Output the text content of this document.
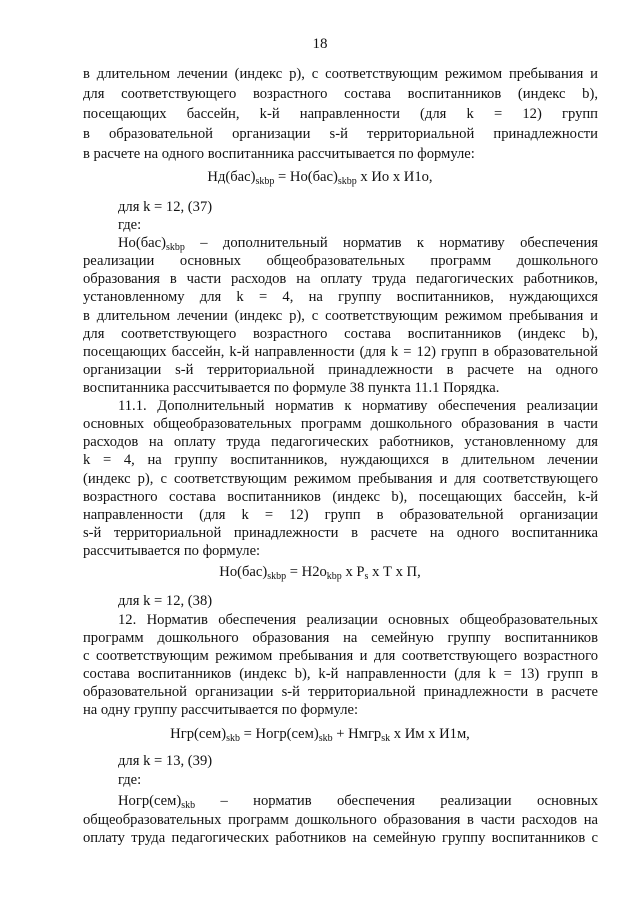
18
в длительном лечении (индекс р), с соответствующим режимом пребывания и
для соответствующего возрастного состава воспитанников (индекс b),
посещающих бассейн, k-й направленности (для k = 12) групп
в образовательной организации s-й территориальной принадлежности
в расчете на одного воспитанника рассчитывается по формуле:
$Нд(бас)_{skbp} = Но(бас)_{skbp}$ х Ио х И1о,
для k = 12, (37)
где:
$Но(бас)_{skbp}$ – дополнительный норматив к нормативу обеспечения
реализации основных общеобразовательных программ дошкольного
образования в части расходов на оплату труда педагогических работников,
установленному для k = 4, на группу воспитанников, нуждающихся
в длительном лечении (индекс р), с соответствующим режимом пребывания и
для соответствующего возрастного состава воспитанников (индекс b),
посещающих бассейн, k-й направленности (для k = 12) групп в образовательной
организации s-й территориальной принадлежности в расчете на одного
воспитанника рассчитывается по формуле 38 пункта 11.1 Порядка.
11.1. Дополнительный норматив к нормативу обеспечения реализации
основных общеобразовательных программ дошкольного образования в части
расходов на оплату труда педагогических работников, установленному для
k = 4, на группу воспитанников, нуждающихся в длительном лечении
(индекс р), с соответствующим режимом пребывания и для соответствующего
возрастного состава воспитанников (индекс b), посещающих бассейн, k-й
направленности (для k = 12) групп в образовательной организации
s-й территориальной принадлежности в расчете на одного воспитанника
рассчитывается по формуле:
$Но(бас)_{skbp} = Н2о_{kbp}$ х $P_s$ х Т х П,
для k = 12, (38)
12. Норматив обеспечения реализации основных общеобразовательных
программ дошкольного образования на семейную группу воспитанников
с соответствующим режимом пребывания и для соответствующего возрастного
состава воспитанников (индекс b), k-й направленности (для k = 13) групп в
образовательной организации s-й территориальной принадлежности в расчете
на одну группу рассчитывается по формуле:
$Нгр(сем)_{skb}$ = $Ногр(сем)_{skb}$ + Нмгр$_{sk}$ х Им х И1м,
для k = 13, (39)
где:
$Ногр(сем)_{skb}$ – норматив обеспечения реализации основных
общеобразовательных программ дошкольного образования в части расходов на
оплату труда педагогических работников на семейную группу воспитанников с
